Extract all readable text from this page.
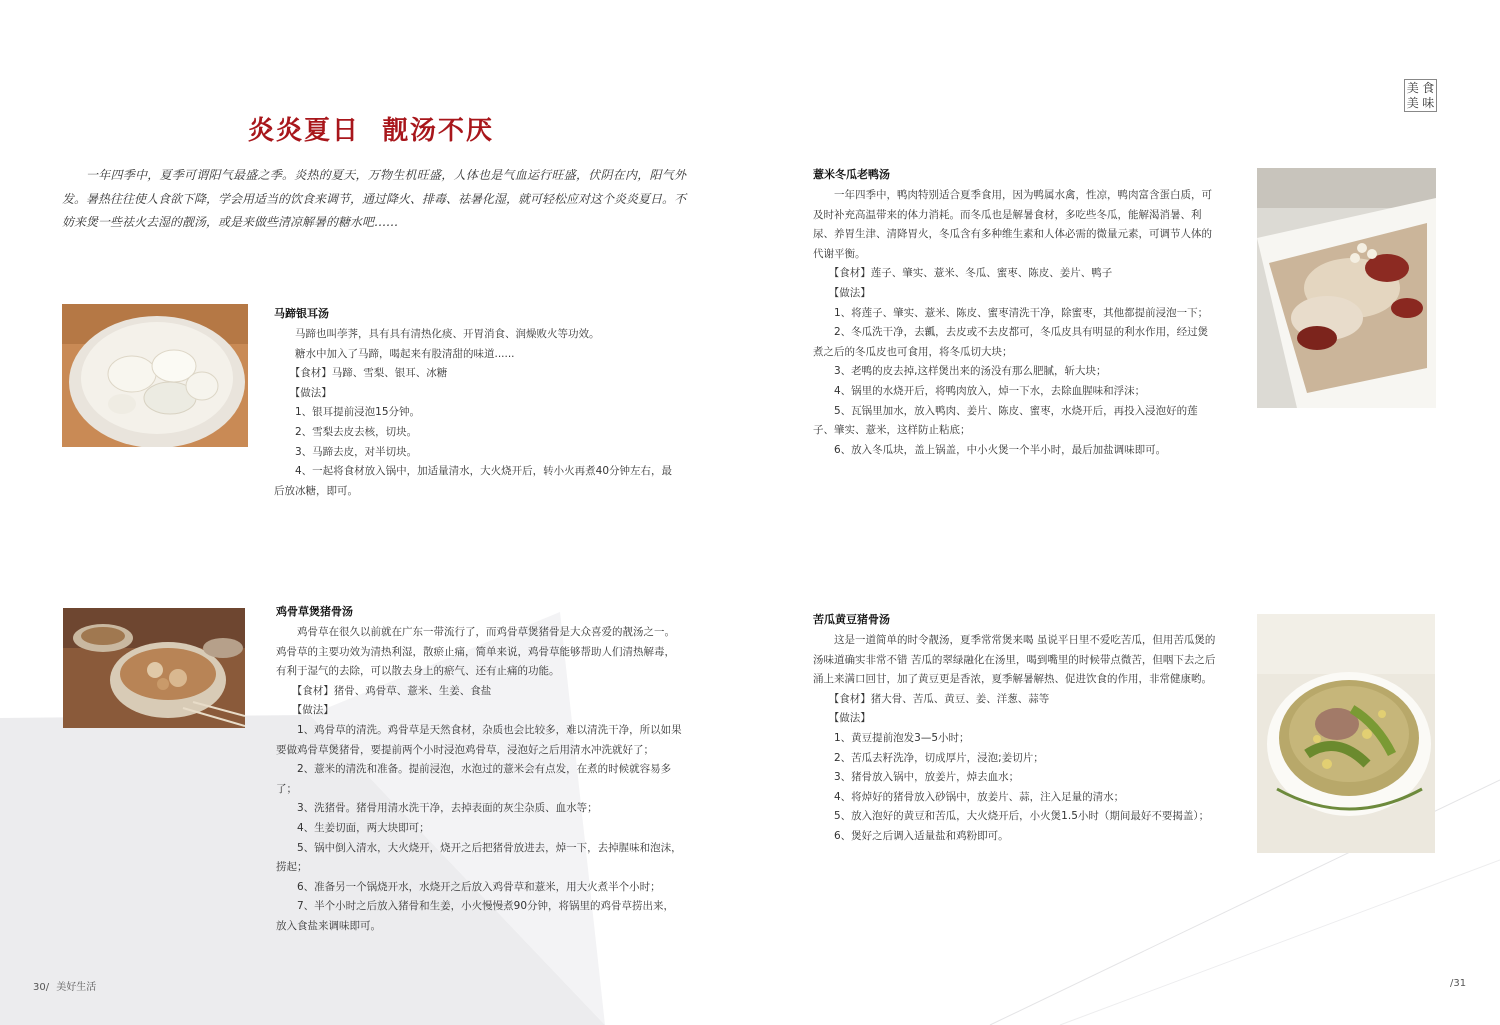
炎炎夏日 靓汤不厌

一年四季中，夏季可谓阳气最盛之季。炎热的夏天，万物生机旺盛，人体也是气血运行旺盛，伏阴在内，阳气外发。暑热往往使人食欲下降，学会用适当的饮食来调节，通过降火、排毒、祛暑化湿，就可轻松应对这个炎炎夏日。不妨来煲一些祛火去湿的靓汤，或是来做些清凉解暑的糖水吧……

美 食
美 味
马蹄银耳汤

马蹄也叫荸荠，具有具有清热化痰、开胃消食、润燥败火等功效。

糖水中加入了马蹄，喝起来有股清甜的味道......

【食材】马蹄、雪梨、银耳、冰糖

【做法】

1、银耳提前浸泡15分钟。

2、雪梨去皮去核，切块。

3、马蹄去皮，对半切块。

4、一起将食材放入锅中，加适量清水，大火烧开后，转小火再煮40分钟左右，最后放冰糖，即可。

鸡骨草煲猪骨汤

鸡骨草在很久以前就在广东一带流行了，而鸡骨草煲猪骨是大众喜爱的靓汤之一。鸡骨草的主要功效为清热利湿，散瘀止痛，简单来说，鸡骨草能够帮助人们清热解毒，有利于湿气的去除，可以散去身上的瘀气、还有止痛的功能。

【食材】猪骨、鸡骨草、薏米、生姜、食盐

【做法】

1、鸡骨草的清洗。鸡骨草是天然食材，杂质也会比较多，难以清洗干净，所以如果要做鸡骨草煲猪骨，要提前两个小时浸泡鸡骨草，浸泡好之后用清水冲洗就好了；

2、薏米的清洗和准备。提前浸泡，水泡过的薏米会有点发，在煮的时候就容易多了；

3、洗猪骨。猪骨用清水洗干净，去掉表面的灰尘杂质、血水等；

4、生姜切面，两大块即可；

5、锅中倒入清水，大火烧开，烧开之后把猪骨放进去，焯一下，去掉腥味和泡沫，捞起；

6、准备另一个锅烧开水，水烧开之后放入鸡骨草和薏米，用大火煮半个小时；

7、半个小时之后放入猪骨和生姜，小火慢慢煮90分钟，将锅里的鸡骨草捞出来，放入食盐来调味即可。

薏米冬瓜老鸭汤

一年四季中，鸭肉特别适合夏季食用，因为鸭属水禽，性凉，鸭肉富含蛋白质，可及时补充高温带来的体力消耗。而冬瓜也是解暑食材，多吃些冬瓜，能解渴消暑、利尿、养胃生津、清降胃火，冬瓜含有多种维生素和人体必需的微量元素，可调节人体的代谢平衡。

【食材】莲子、肇实、薏米、冬瓜、蜜枣、陈皮、姜片、鸭子

【做法】

1、将莲子、肇实、薏米、陈皮、蜜枣清洗干净，除蜜枣，其他都提前浸泡一下；

2、冬瓜洗干净，去瓤，去皮或不去皮都可，冬瓜皮具有明显的利水作用，经过煲煮之后的冬瓜皮也可食用，将冬瓜切大块；

3、老鸭的皮去掉,这样煲出来的汤没有那么肥腻，斩大块；

4、锅里的水烧开后，将鸭肉放入，焯一下水，去除血腥味和浮沫；

5、瓦锅里加水，放入鸭肉、姜片、陈皮、蜜枣，水烧开后，再投入浸泡好的莲子、肇实、薏米，这样防止粘底；

6、放入冬瓜块，盖上锅盖，中小火煲一个半小时，最后加盐调味即可。

苦瓜黄豆猪骨汤

这是一道简单的时令靓汤，夏季常常煲来喝 虽说平日里不爱吃苦瓜，但用苦瓜煲的汤味道确实非常不错 苦瓜的翠绿融化在汤里，喝到嘴里的时候带点微苦，但咽下去之后涌上来满口回甘，加了黄豆更是香浓，夏季解暑解热、促进饮食的作用，非常健康哟。

【食材】猪大骨、苦瓜、黄豆、姜、洋葱、蒜等

【做法】

1、黄豆提前泡发3—5小时；

2、苦瓜去籽洗净，切成厚片，浸泡;姜切片；

3、猪骨放入锅中，放姜片，焯去血水；

4、将焯好的猪骨放入砂锅中，放姜片、蒜，注入足量的清水；

5、放入泡好的黄豆和苦瓜，大火烧开后，小火煲1.5小时（期间最好不要揭盖）；

6、煲好之后调入适量盐和鸡粉即可。

30/ 美好生活	/31
